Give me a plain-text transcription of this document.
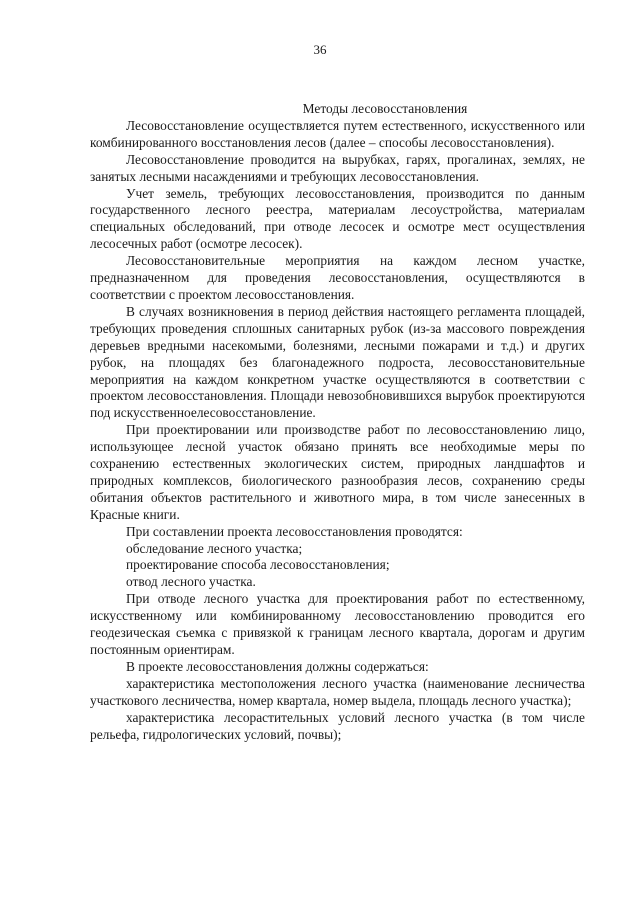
36
Методы лесовосстановления

Лесовосстановление осуществляется путем естественного, искусственного или комбинированного восстановления лесов (далее – способы лесовосстановления).

Лесовосстановление проводится на вырубках, гарях, прогалинах, землях, не занятых лесными насаждениями и требующих лесовосстановления.

Учет земель, требующих лесовосстановления, производится по данным государственного лесного реестра, материалам лесоустройства, материалам специальных обследований, при отводе лесосек и осмотре мест осуществления лесосечных работ (осмотре лесосек).

Лесовосстановительные мероприятия на каждом лесном участке, предназначенном для проведения лесовосстановления, осуществляются в соответствии с проектом лесовосстановления.

В случаях возникновения в период действия настоящего регламента площадей, требующих проведения сплошных санитарных рубок (из-за массового повреждения деревьев вредными насекомыми, болезнями, лесными пожарами и т.д.) и других рубок, на площадях без благонадежного подроста, лесовосстановительные мероприятия на каждом конкретном участке осуществляются в соответствии с проектом лесовосстановления. Площади невозобновившихся вырубок проектируются под искусственноелесовосстановление.

При проектировании или производстве работ по лесовосстановлению лицо, использующее лесной участок обязано принять все необходимые меры по сохранению естественных экологических систем, природных ландшафтов и природных комплексов, биологического разнообразия лесов, сохранению среды обитания объектов растительного и животного мира, в том числе занесенных в Красные книги.

При составлении проекта лесовосстановления проводятся:

обследование лесного участка;

проектирование способа лесовосстановления;

отвод лесного участка.

При отводе лесного участка для проектирования работ по естественному, искусственному или комбинированному лесовосстановлению проводится его геодезическая съемка с привязкой к границам лесного квартала, дорогам и другим постоянным ориентирам.

В проекте лесовосстановления должны содержаться:

характеристика местоположения лесного участка (наименование лесничества участкового лесничества, номер квартала, номер выдела, площадь лесного участка);

характеристика лесорастительных условий лесного участка (в том числе рельефа, гидрологических условий, почвы);
